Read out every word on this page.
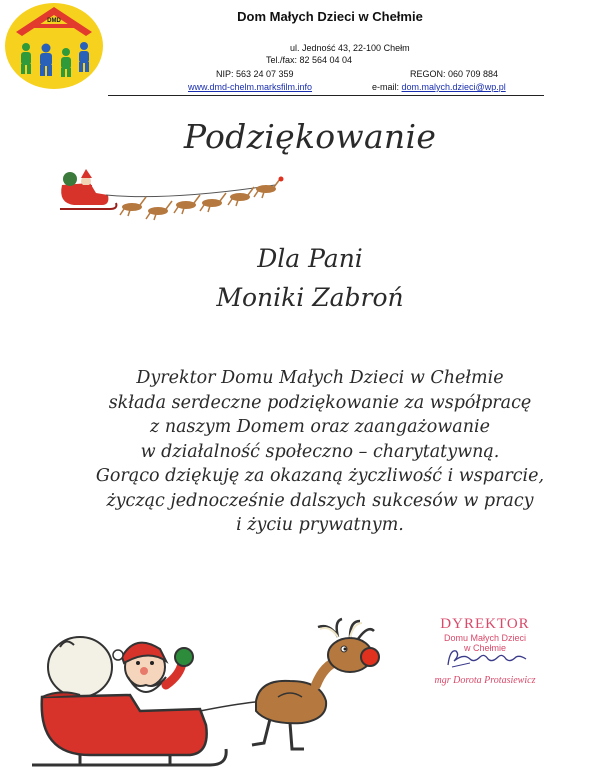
DMD	Dom Małych Dzieci w Chełmie
ul. Jedność 43, 22-100 Chełm
Tel./fax: 82 564 04 04
NIP: 563 24 07 359	REGON: 060 709 884
www.dmd-chelm.marksfilm.info	e-mail: dom.malych.dzieci@wp.pl
Podziękowanie
Dla Pani
Moniki Zabroń
Dyrektor Domu Małych Dzieci w Chełmie
składa serdeczne podziękowanie za współpracę
z naszym Domem oraz zaangażowanie
w działalność społeczno – charytatywną.
Gorąco dziękuję za okazaną życzliwość i wsparcie,
życząc jednocześnie dalszych sukcesów w pracy
i życiu prywatnym.
DYREKTOR
Domu Małych Dzieci
w Chełmie
mgr Dorota Protasiewicz
